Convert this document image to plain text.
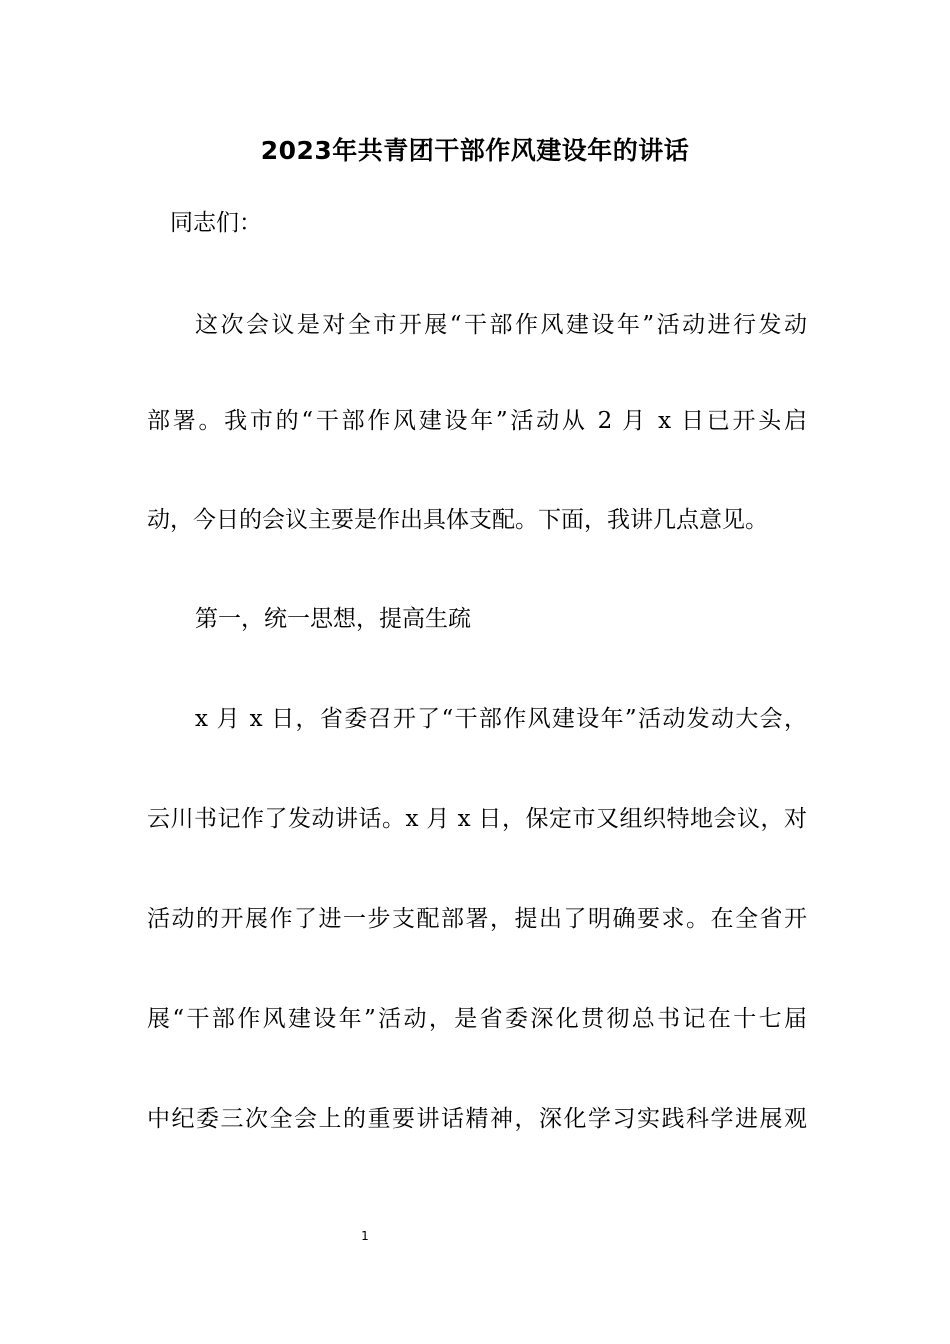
2023年共青团干部作风建设年的讲话
同志们：
这次会议是对全市开展“干部作风建设年”活动进行发动
部署。我市的“干部作风建设年”活动从 2 月 x 日已开头启
动，今日的会议主要是作出具体支配。下面，我讲几点意见。
第一，统一思想，提高生疏
x 月 x 日，省委召开了“干部作风建设年”活动发动大会，
云川书记作了发动讲话。x 月 x 日，保定市又组织特地会议，对
活动的开展作了进一步支配部署，提出了明确要求。在全省开
展“干部作风建设年”活动，是省委深化贯彻总书记在十七届
中纪委三次全会上的重要讲话精神，深化学习实践科学进展观
1
